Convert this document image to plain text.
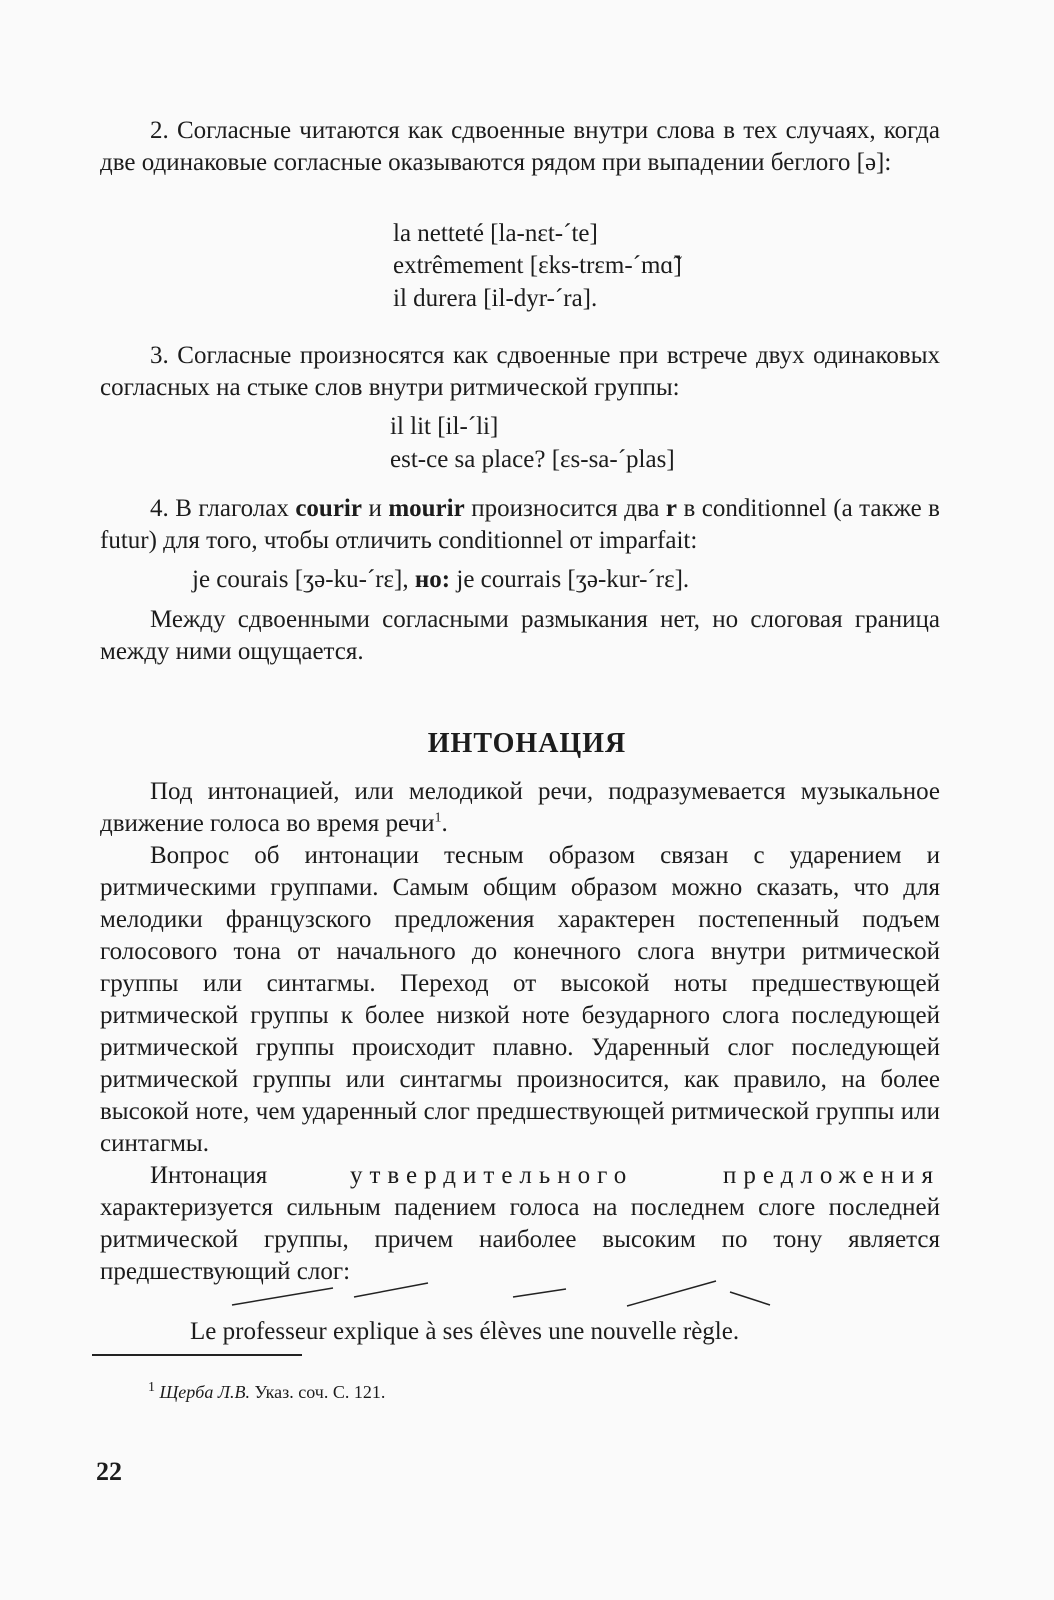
2. Согласные читаются как сдвоенные внутри слова в тех случаях, когда две одинаковые согласные оказываются рядом при выпадении беглого [ə]:

la netteté [la-nɛt-ˊte]

extrêmement [ɛks-trɛm-ˊmɑ̃]

il durera [il-dyr-ˊra].

3. Согласные произносятся как сдвоенные при встрече двух одинаковых согласных на стыке слов внутри ритмической группы:

il lit [il-ˊli]

est-ce sa place? [ɛs-sa-ˊplas]

4. В глаголах courir и mourir произносится два r в conditionnel (а также в futur) для того, чтобы отличить conditionnel от imparfait:

je courais [ʒə-ku-ˊrɛ], но: je courrais [ʒə-kur-ˊrɛ].

Между сдвоенными согласными размыкания нет, но слоговая граница между ними ощущается.

ИНТОНАЦИЯ

Под интонацией, или мелодикой речи, подразумевается музыкальное движение голоса во время речи$^1$.

Вопрос об интонации тесным образом связан с ударением и ритмическими группами. Самым общим образом можно сказать, что для мелодики французского предложения характерен постепенный подъем голосового тона от начального до конечного слога внутри ритмической группы или синтагмы. Переход от высокой ноты предшествующей ритмической группы к более низкой ноте безударного слога последующей ритмической группы происходит плавно. Ударенный слог последующей ритмической группы или синтагмы произносится, как правило, на более высокой ноте, чем ударенный слог предшествующей ритмической группы или синтагмы.

Интонация утвердительного предложения характеризуется сильным падением голоса на последнем слоге последней ритмической группы, причем наиболее высоким по тону является предшествующий слог:

Le professeur explique à ses élèves une nouvelle règle.

$^1$ Щерба Л.В. Указ. соч. С. 121.
22
